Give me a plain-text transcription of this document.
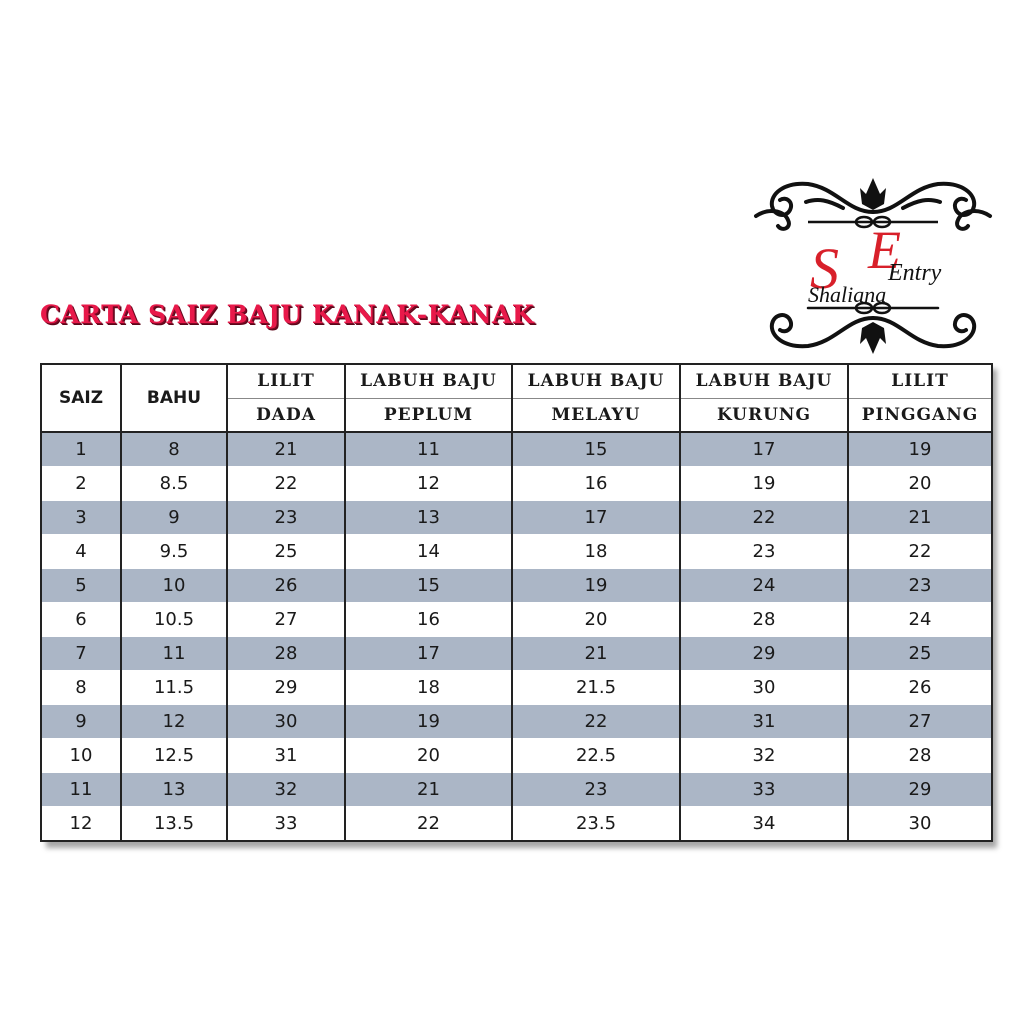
S E
Shaliana
Entry
CARTA SAIZ BAJU KANAK-KANAK
SAIZ	BAHU	LILIT	LABUH BAJU	LABUH BAJU	LABUH BAJU	LILIT
		DADA	PEPLUM	MELAYU	KURUNG	PINGGANG
1	8	21	11	15	17	19
2	8.5	22	12	16	19	20
3	9	23	13	17	22	21
4	9.5	25	14	18	23	22
5	10	26	15	19	24	23
6	10.5	27	16	20	28	24
7	11	28	17	21	29	25
8	11.5	29	18	21.5	30	26
9	12	30	19	22	31	27
10	12.5	31	20	22.5	32	28
11	13	32	21	23	33	29
12	13.5	33	22	23.5	34	30
